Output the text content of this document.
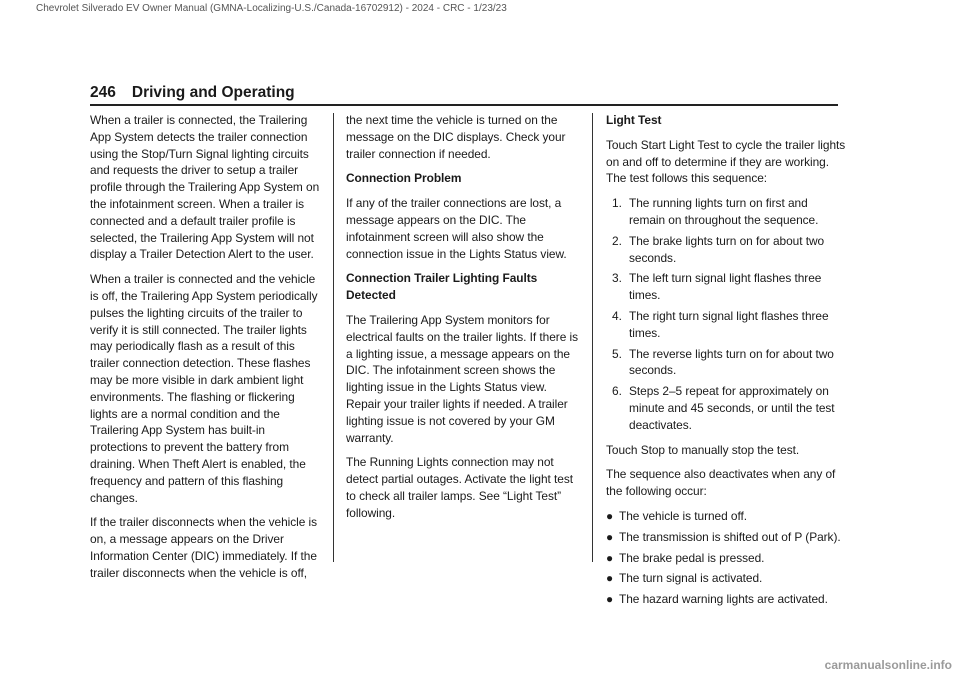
Chevrolet Silverado EV Owner Manual (GMNA-Localizing-U.S./Canada-16702912) - 2024 - CRC - 1/23/23
246 Driving and Operating

When a trailer is connected, the Trailering App System detects the trailer connection using the Stop/Turn Signal lighting circuits and requests the driver to setup a trailer profile through the Trailering App System on the infotainment screen. When a trailer is connected and a default trailer profile is selected, the Trailering App System will not display a Trailer Detection Alert to the user.

When a trailer is connected and the vehicle is off, the Trailering App System periodically pulses the lighting circuits of the trailer to verify it is still connected. The trailer lights may periodically flash as a result of this trailer connection detection. These flashes may be more visible in dark ambient light environments. The flashing or flickering lights are a normal condition and the Trailering App System has built-in protections to prevent the battery from draining. When Theft Alert is enabled, the frequency and pattern of this flashing changes.

If the trailer disconnects when the vehicle is on, a message appears on the Driver Information Center (DIC) immediately. If the trailer disconnects when the vehicle is off,

the next time the vehicle is turned on the message on the DIC displays. Check your trailer connection if needed.

Connection Problem

If any of the trailer connections are lost, a message appears on the DIC. The infotainment screen will also show the connection issue in the Lights Status view.

Connection Trailer Lighting Faults Detected

The Trailering App System monitors for electrical faults on the trailer lights. If there is a lighting issue, a message appears on the DIC. The infotainment screen shows the lighting issue in the Lights Status view. Repair your trailer lights if needed. A trailer lighting issue is not covered by your GM warranty.

The Running Lights connection may not detect partial outages. Activate the light test to check all trailer lamps. See “Light Test” following.

Light Test

Touch Start Light Test to cycle the trailer lights on and off to determine if they are working. The test follows this sequence:

1. The running lights turn on first and remain on throughout the sequence.
2. The brake lights turn on for about two seconds.
3. The left turn signal light flashes three times.
4. The right turn signal light flashes three times.
5. The reverse lights turn on for about two seconds.
6. Steps 2–5 repeat for approximately on minute and 45 seconds, or until the test deactivates.

Touch Stop to manually stop the test.

The sequence also deactivates when any of the following occur:

● The vehicle is turned off.
● The transmission is shifted out of P (Park).
● The brake pedal is pressed.
● The turn signal is activated.
● The hazard warning lights are activated.
carmanualsonline.info
